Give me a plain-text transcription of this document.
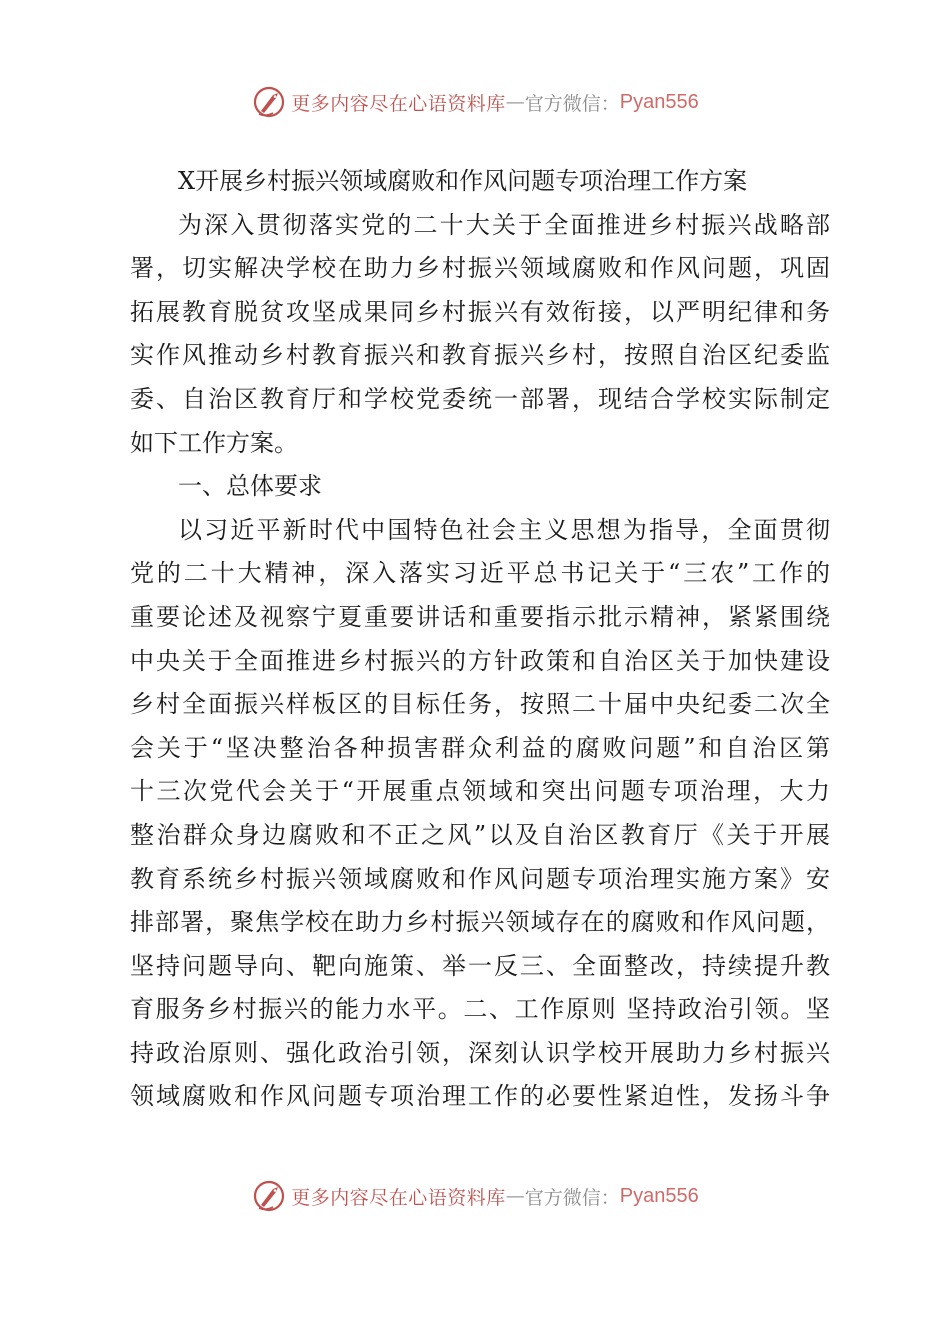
更多内容尽在心语资料库 — 官方微信： Pyan556
X开展乡村振兴领域腐败和作风问题专项治理工作方案
为深入贯彻落实党的二十大关于全面推进乡村振兴战略部
署，切实解决学校在助力乡村振兴领域腐败和作风问题，巩固
拓展教育脱贫攻坚成果同乡村振兴有效衔接，以严明纪律和务
实作风推动乡村教育振兴和教育振兴乡村，按照自治区纪委监
委、自治区教育厅和学校党委统一部署，现结合学校实际制定
如下工作方案。
一、总体要求
以习近平新时代中国特色社会主义思想为指导，全面贯彻
党的二十大精神，深入落实习近平总书记关于“三农”工作的
重要论述及视察宁夏重要讲话和重要指示批示精神，紧紧围绕
中央关于全面推进乡村振兴的方针政策和自治区关于加快建设
乡村全面振兴样板区的目标任务，按照二十届中央纪委二次全
会关于“坚决整治各种损害群众利益的腐败问题”和自治区第
十三次党代会关于“开展重点领域和突出问题专项治理，大力
整治群众身边腐败和不正之风”以及自治区教育厅《关于开展
教育系统乡村振兴领域腐败和作风问题专项治理实施方案》安
排部署，聚焦学校在助力乡村振兴领域存在的腐败和作风问题，
坚持问题导向、靶向施策、举一反三、全面整改，持续提升教
育服务乡村振兴的能力水平。二、工作原则 坚持政治引领。坚
持政治原则、强化政治引领，深刻认识学校开展助力乡村振兴
领域腐败和作风问题专项治理工作的必要性紧迫性，发扬斗争
更多内容尽在心语资料库 — 官方微信： Pyan556
